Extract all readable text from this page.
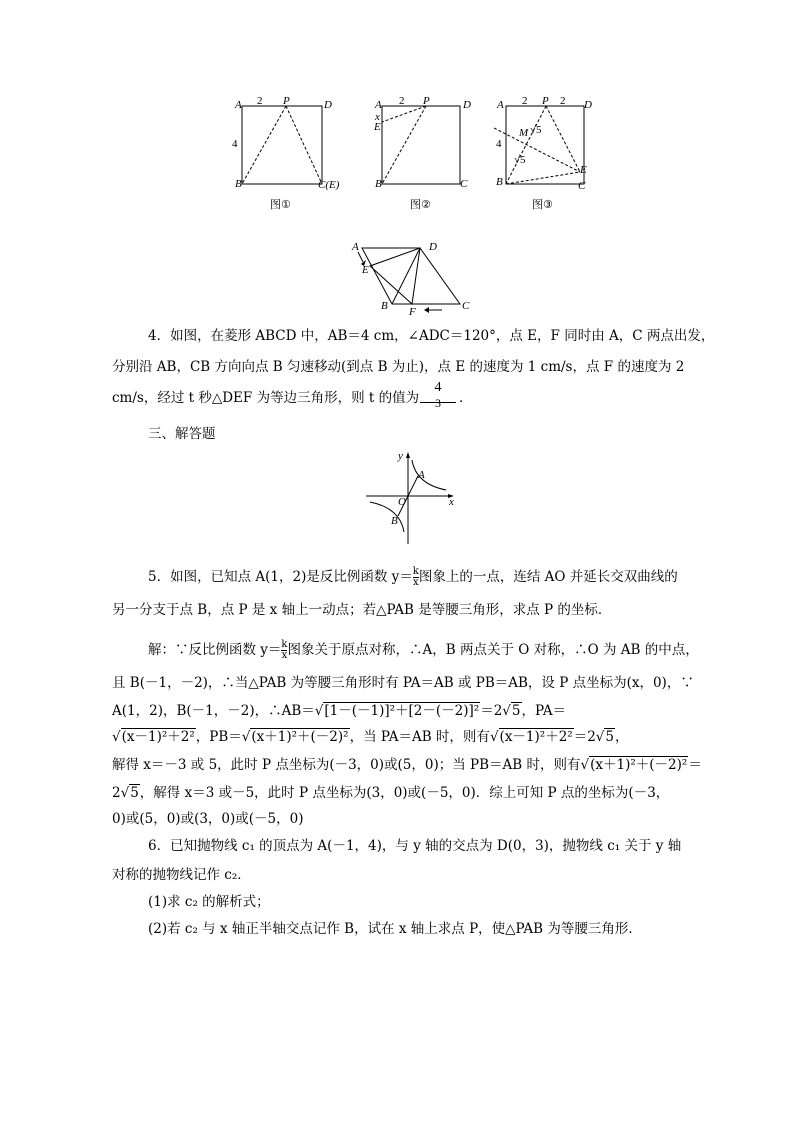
A 2 P	D
4
B	C(E)
图①
A 2 P	D
x
E
B	C
图②
A 2 P 2 D
M √5
4
√5
E
B	C
图③
A	D
E
B F	C
4．如图，在菱形 ABCD 中，AB＝4 cm，∠ADC＝120°，点 E，F 同时由 A，C 两点出发，
分别沿 AB，CB 方向向点 B 匀速移动(到点 B 为止)，点 E 的速度为 1 cm/s，点 F 的速度为 2
cm/s，经过 t 秒△DEF 为等边三角形，则 t 的值为
4
3	．
三、解答题
y
A
O	x
B
5．如图，已知点 A(1，2)是反比例函数 $y= \frac{k}{x}$ 图象上的一点，连结 AO 并延长交双曲线的
另一分支于点 B，点 P 是 x 轴上一动点；若△PAB 是等腰三角形，求点 P 的坐标．
解：∵反比例函数 $y= \frac{k}{x}$ 图象关于原点对称，∴A，B 两点关于 O 对称，∴O 为 AB 的中点，
且 B(－1，－2)，∴当△PAB 为等腰三角形时有 PA＝AB 或 PB＝AB，设 P 点坐标为(x，0)，∵
A(1，2)，B(－1，－2)，∴AB＝√[1－(－1)]²＋[2－(－2)]²＝2√5，PA＝
√(x－1)²＋2²，PB＝√(x＋1)²＋(－2)²，当 PA＝AB 时，则有√(x－1)²＋2²＝2√5，
解得 x＝－3 或 5，此时 P 点坐标为(－3，0)或(5，0)；当 PB＝AB 时，则有√(x＋1)²＋(－2)²＝
2√5，解得 x＝3 或－5，此时 P 点坐标为(3，0)或(－5，0)．综上可知 P 点的坐标为(－3，
0)或(5，0)或(3，0)或(－5，0)
6．已知抛物线 c₁ 的顶点为 A(－1，4)，与 y 轴的交点为 D(0，3)，抛物线 c₁ 关于 y 轴
对称的抛物线记作 c₂．
(1)求 c₂ 的解析式；
(2)若 c₂ 与 x 轴正半轴交点记作 B，试在 x 轴上求点 P，使△PAB 为等腰三角形．
